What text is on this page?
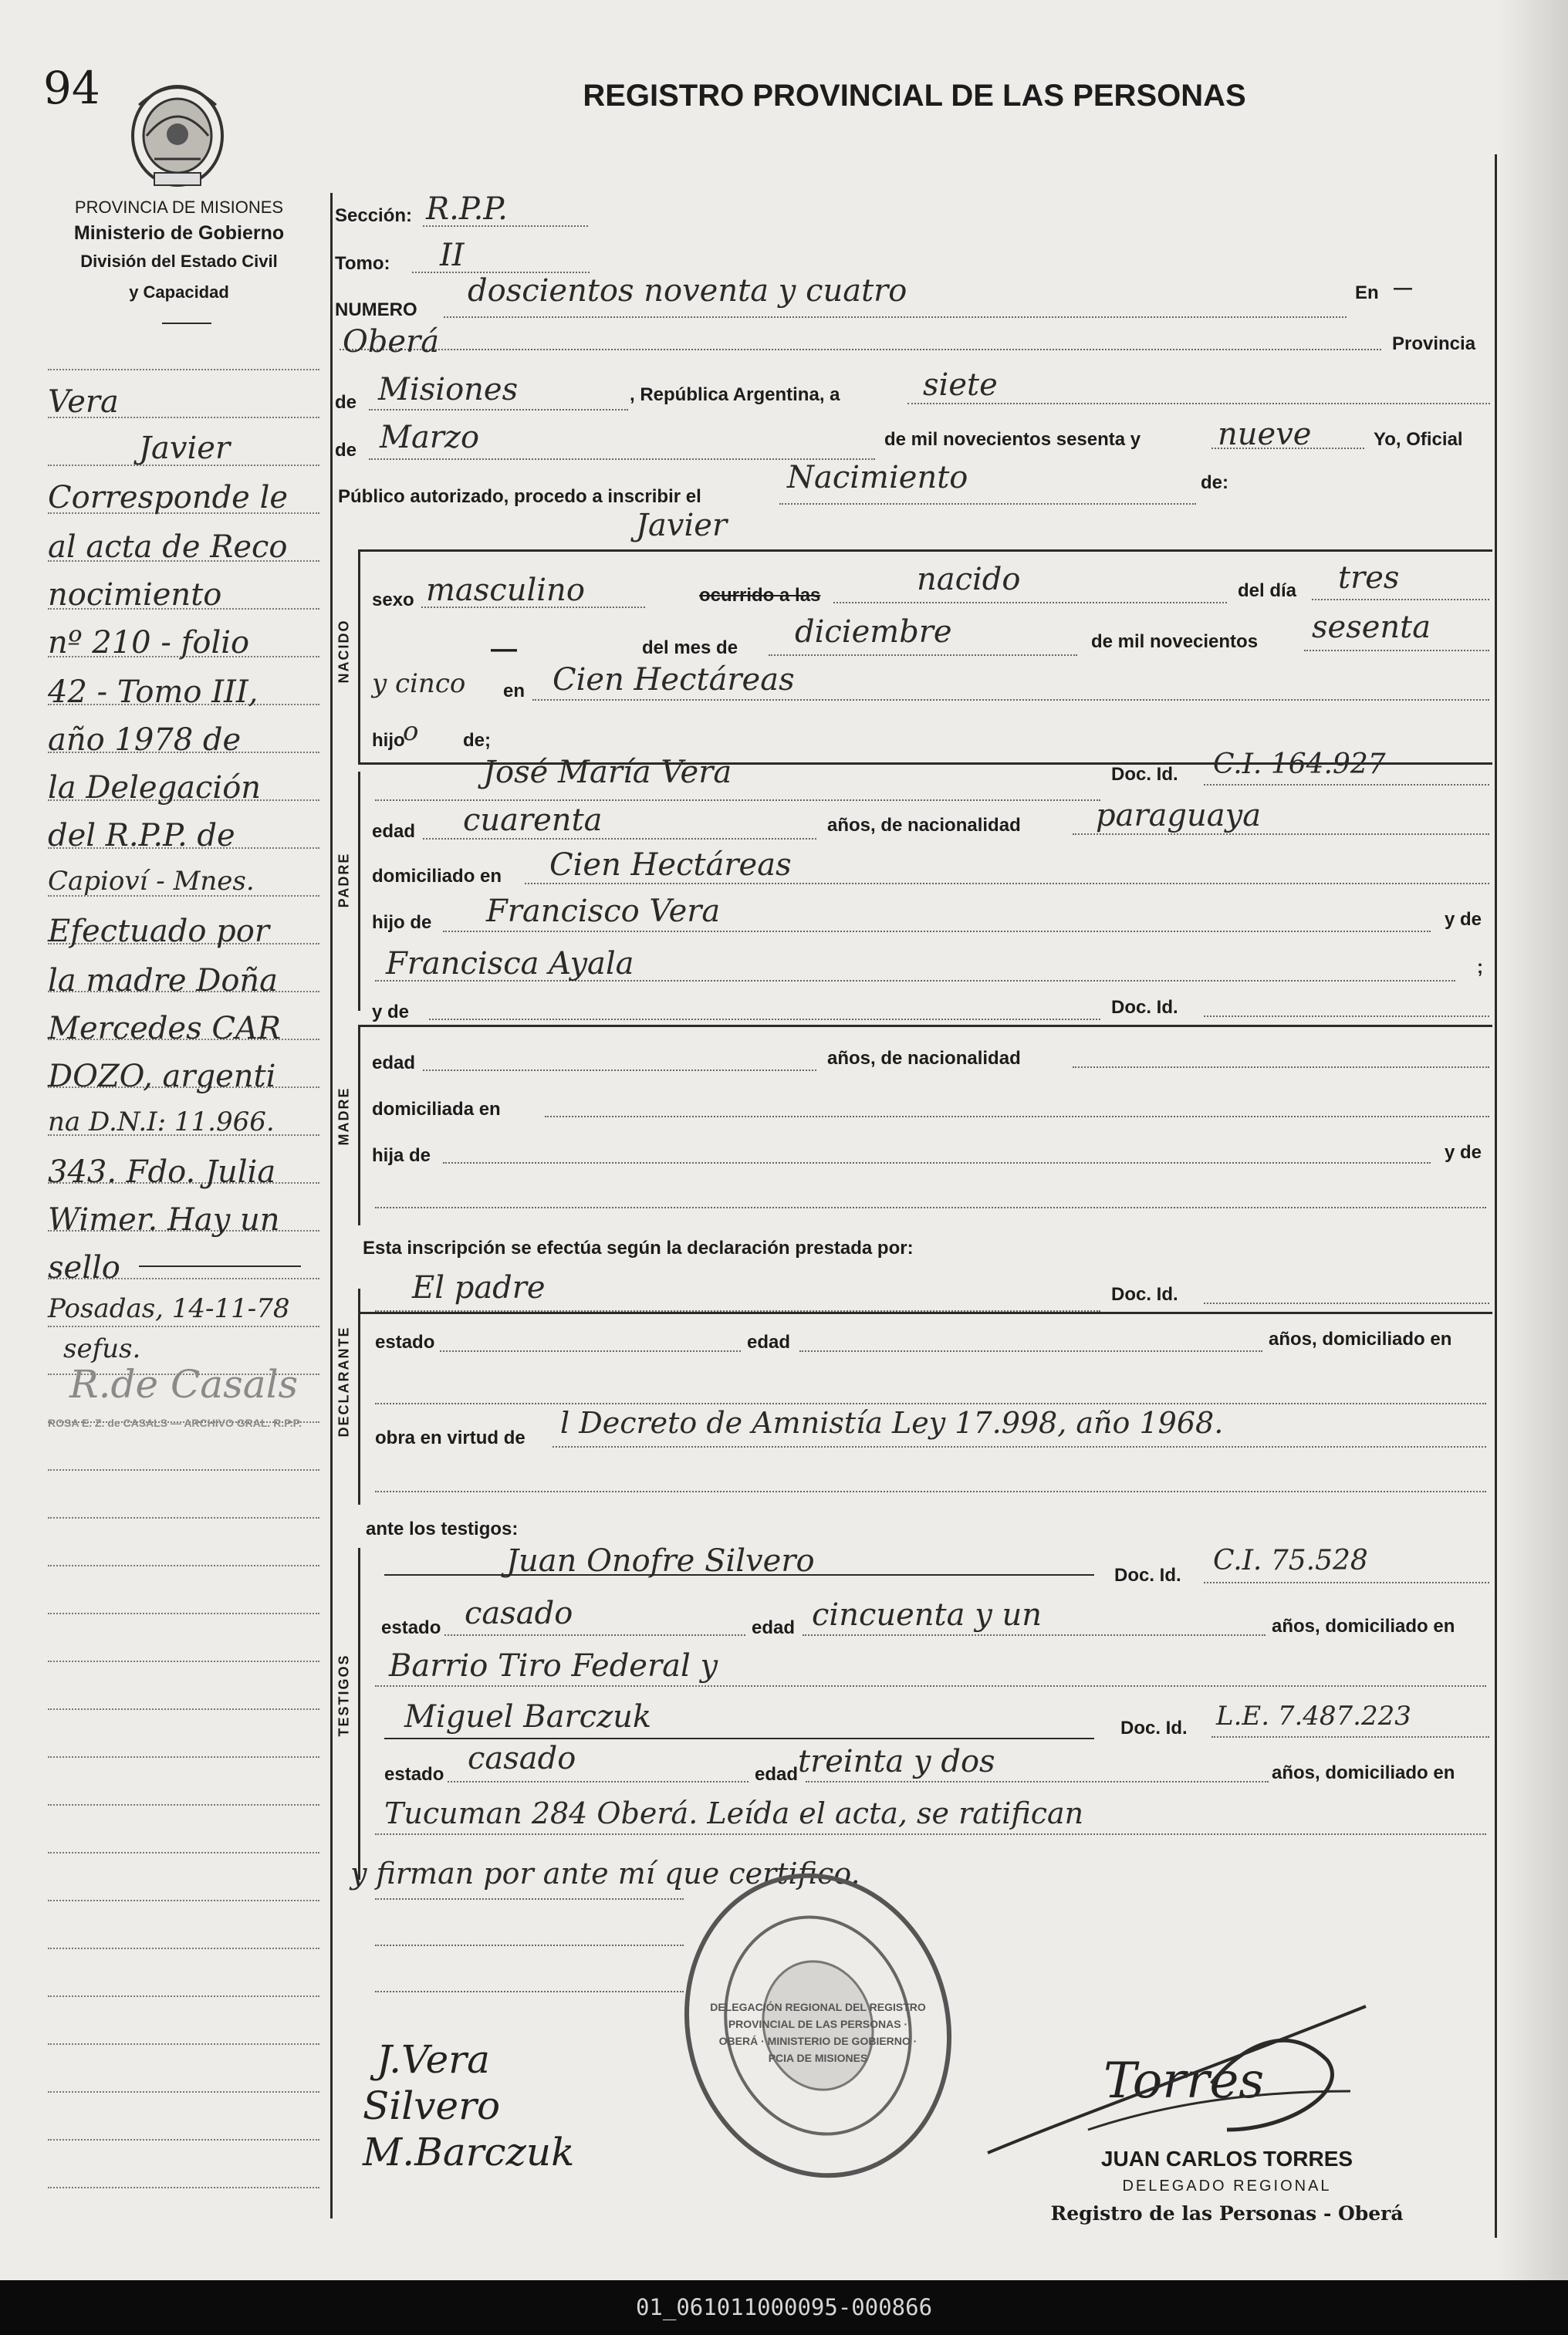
94	REGISTRO PROVINCIAL DE LAS PERSONAS
PROVINCIA DE MISIONES
Ministerio de Gobierno
División del Estado Civil
y Capacidad
Vera
Javier
Corresponde le
al acta de Reco
nocimiento
nº 210 - folio
42 - Tomo III,
año 1978 de
la Delegación
del R.P.P. de
Capioví - Mnes.
Efectuado por
la madre Doña
Mercedes CAR
DOZO, argenti
na D.N.I: 11.966.
343. Fdo. Julia
Wimer. Hay un
sello
Posadas, 14-11-78
sefus.
ROSA E. Z. de CASALS — ARCHIVO GRAL. R.P.P.
R.de Casals
Sección: R.P.P.
Tomo: II
NUMERO
doscientos noventa y cuatro	En —
Oberá	Provincia
de Misiones	, República Argentina, a	siete
de Marzo	de mil novecientos sesenta y nueve	Yo, Oficial
Público autorizado, procedo a inscribir el
Nacimiento	de:
Javier
NACIDO
sexo masculino	ocurrido a las	nacido	del día tres
—	del mes de diciembre	de mil novecientos sesenta
y cinco en Cien Hectáreas
hijo
o de;
PADRE
José María Vera	Doc. Id. C.I. 164.927
edad cuarenta	años, de nacionalidad paraguaya
domiciliado en Cien Hectáreas
hijo de Francisco Vera	y de
Francisca Ayala	;
MADRE
y de	Doc. Id.
edad	años, de nacionalidad
domiciliada en
hija de	y de
Esta inscripción se efectúa según la declaración prestada por:
DECLARANTE
El padre	Doc. Id.
estado	edad	años, domiciliado en
obra en virtud de l Decreto de Amnistía Ley 17.998, año 1968.
ante los testigos:
TESTIGOS
Juan Onofre Silvero	Doc. Id. C.I. 75.528
estado casado	edad cincuenta y un	años, domiciliado en
Barrio Tiro Federal y
Miguel Barczuk	Doc. Id. L.E. 7.487.223
estado casado	edad treinta y dos	años, domiciliado en
Tucuman 284 Oberá. Leída el acta, se ratifican
y firman por ante mí que certifico.
DELEGACIÓN REGIONAL DEL REGISTRO PROVINCIAL DE LAS PERSONAS · OBERÁ · MINISTERIO DE GOBIERNO · PCIA DE MISIONES
J.Vera
Silvero
M.Barczuk
Torres
JUAN CARLOS TORRES
DELEGADO REGIONAL
Registro de las Personas - Oberá
01_061011000095-000866
